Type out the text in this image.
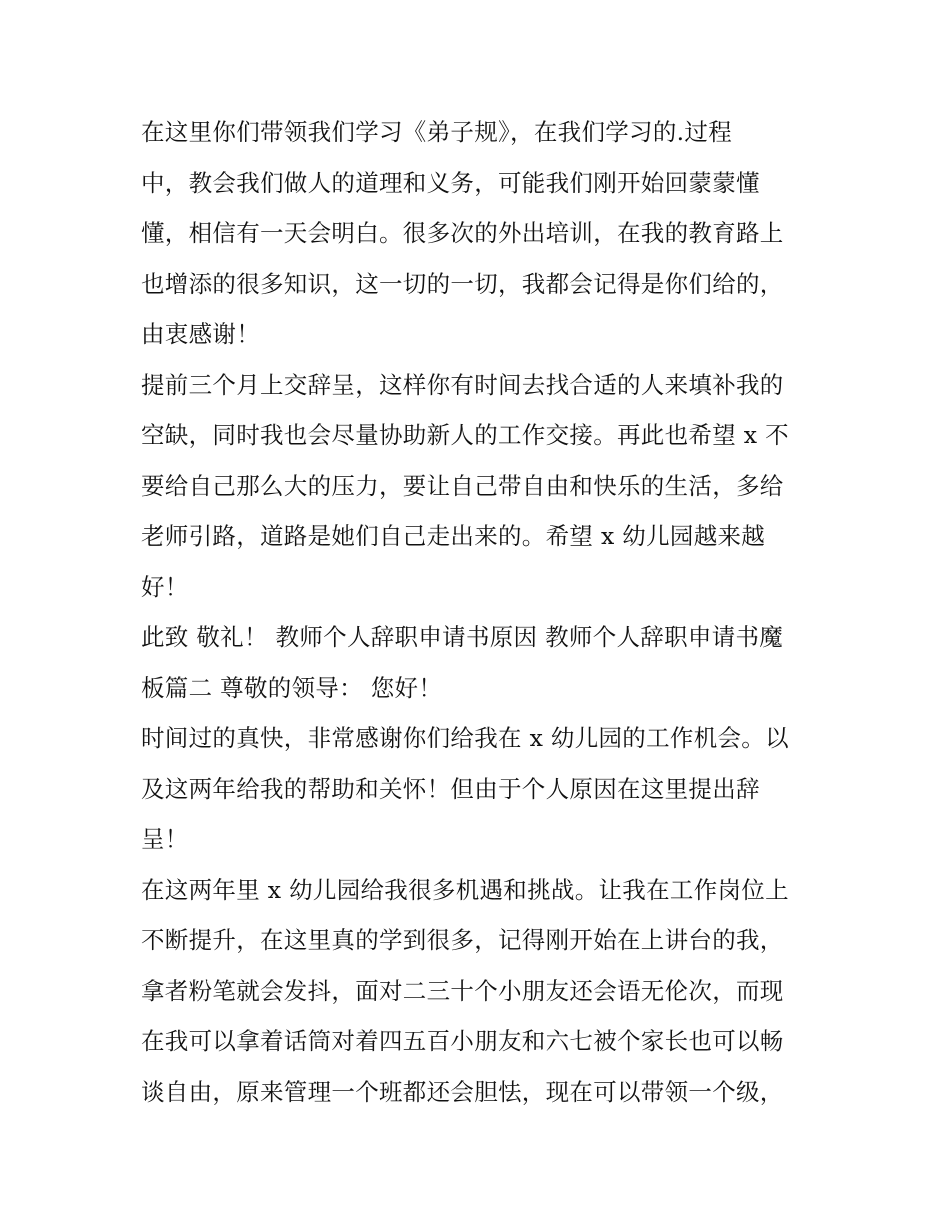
在这里你们带领我们学习《弟子规》，在我们学习的.过程
中，教会我们做人的道理和义务，可能我们刚开始回蒙蒙懂
懂，相信有一天会明白。很多次的外出培训，在我的教育路上
也增添的很多知识，这一切的一切，我都会记得是你们给的，
由衷感谢！
提前三个月上交辞呈，这样你有时间去找合适的人来填补我的
空缺，同时我也会尽量协助新人的工作交接。再此也希望 x 不
要给自己那么大的压力，要让自己带自由和快乐的生活，多给
老师引路，道路是她们自己走出来的。希望 x 幼儿园越来越
好！
此致 敬礼！ 教师个人辞职申请书原因 教师个人辞职申请书魔
板篇二 尊敬的领导： 您好！
时间过的真快，非常感谢你们给我在 x 幼儿园的工作机会。以
及这两年给我的帮助和关怀！但由于个人原因在这里提出辞
呈！
在这两年里 x 幼儿园给我很多机遇和挑战。让我在工作岗位上
不断提升，在这里真的学到很多，记得刚开始在上讲台的我，
拿者粉笔就会发抖，面对二三十个小朋友还会语无伦次，而现
在我可以拿着话筒对着四五百小朋友和六七被个家长也可以畅
谈自由，原来管理一个班都还会胆怯，现在可以带领一个级，
